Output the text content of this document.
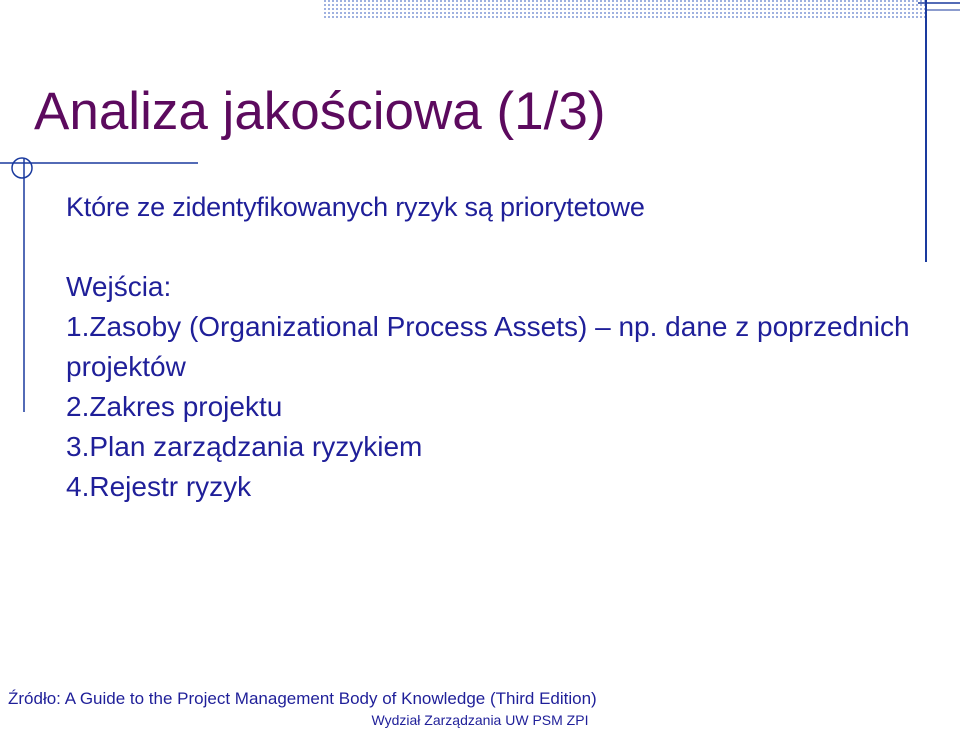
Analiza jakościowa (1/3)

Które ze zidentyfikowanych ryzyk są priorytetowe

Wejścia:
1.Zasoby (Organizational Process Assets) – np. dane z poprzednich projektów
2.Zakres projektu
3.Plan zarządzania ryzykiem
4.Rejestr ryzyk
Źródło: A Guide to the Project Management Body of Knowledge (Third Edition)
Wydział Zarządzania UW PSM ZPI
